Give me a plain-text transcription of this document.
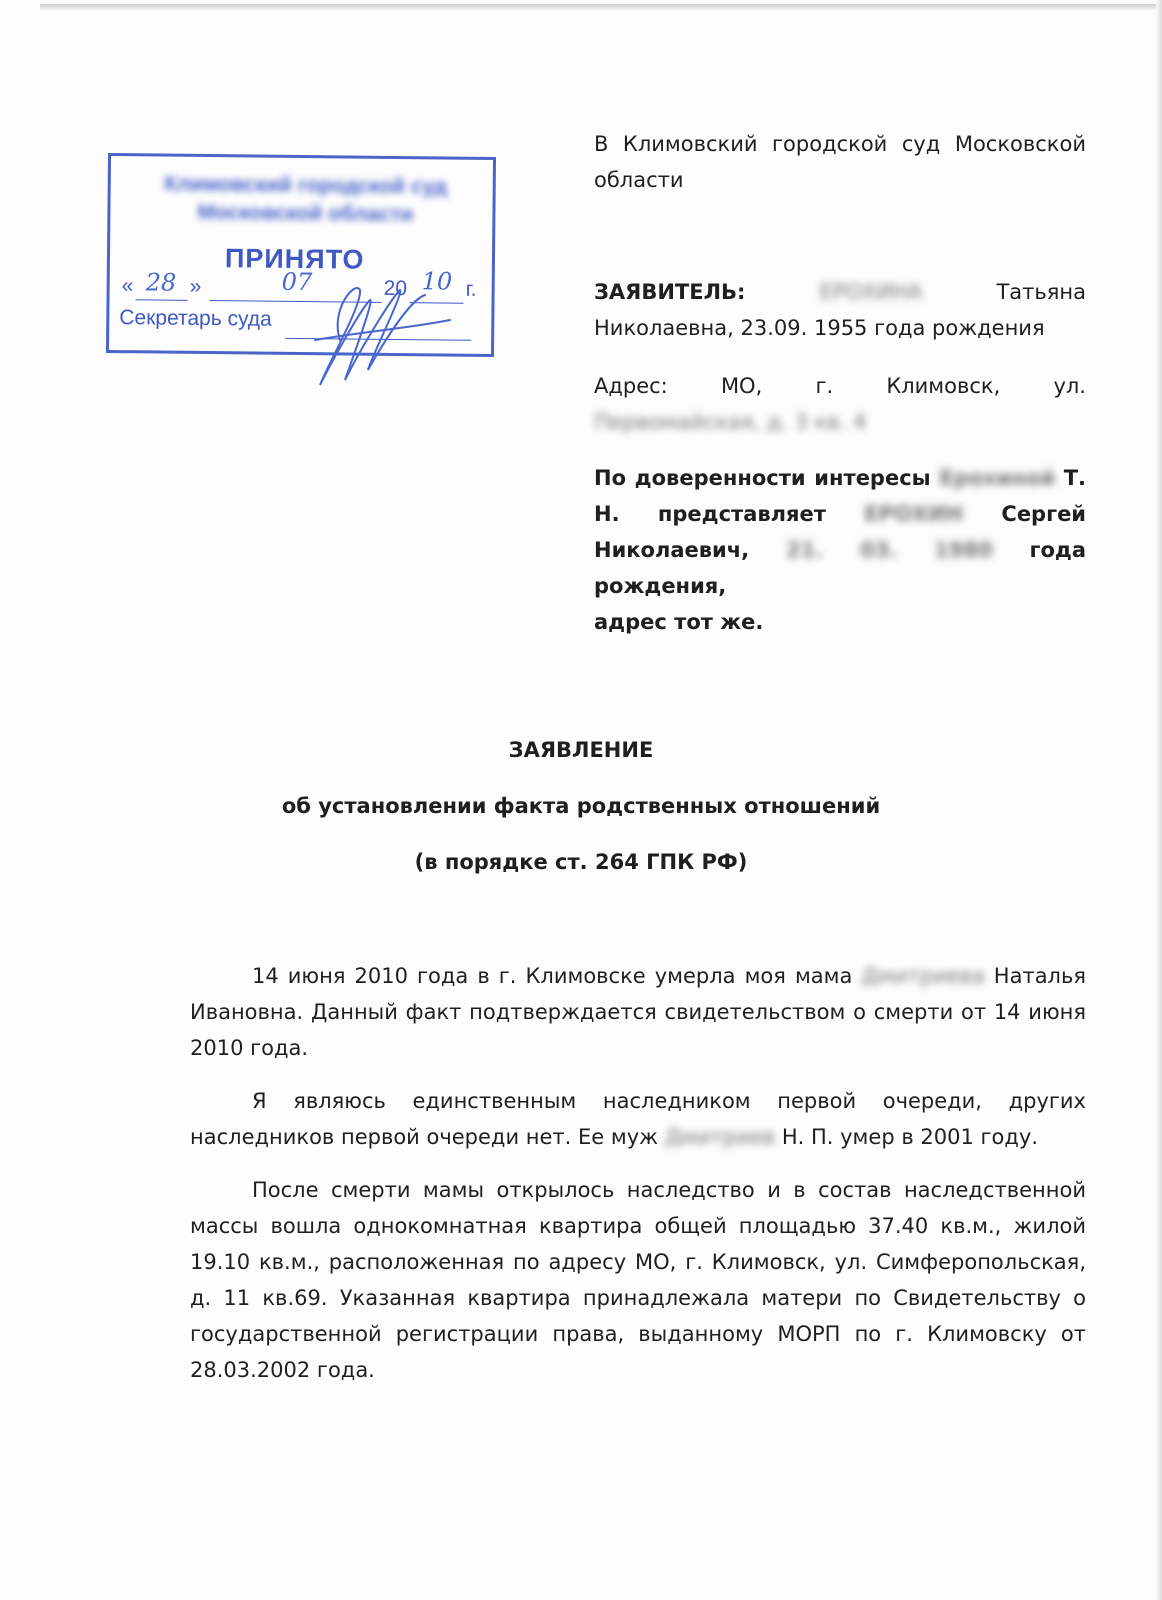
Климовский городской суд
Московской области
ПРИНЯТО
« 28 »	07	20 10 г.
Секретарь суда
В Климовский городской суд Московской области
ЗАЯВИТЕЛЬ:	ЕРОХИНА	Татьяна
Николаевна, 23.09. 1955 года рождения
Адрес:	МО,	г.	Климовск,	ул.
Первомайская, д. 3 кв. 4
По доверенности интересы Ерохиной Т.
Н. представляет ЕРОХИН Сергей
Николаевич, 21. 03. 1980 года рождения,
адрес тот же.
ЗАЯВЛЕНИЕ
об установлении факта родственных отношений
(в порядке ст. 264 ГПК РФ)

14 июня 2010 года в г. Климовске умерла моя мама Дмитриева Наталья Ивановна. Данный факт подтверждается свидетельством о смерти от 14 июня 2010 года.

Я являюсь единственным наследником первой очереди, других наследников первой очереди нет. Ее муж Дмитриев Н. П. умер в 2001 году.

После смерти мамы открылось наследство и в состав наследственной массы вошла однокомнатная квартира общей площадью 37.40 кв.м., жилой 19.10 кв.м., расположенная по адресу МО, г. Климовск, ул. Симферопольская, д. 11 кв.69. Указанная квартира принадлежала матери по Свидетельству о государственной регистрации права, выданному МОРП по г. Климовску от 28.03.2002 года.
